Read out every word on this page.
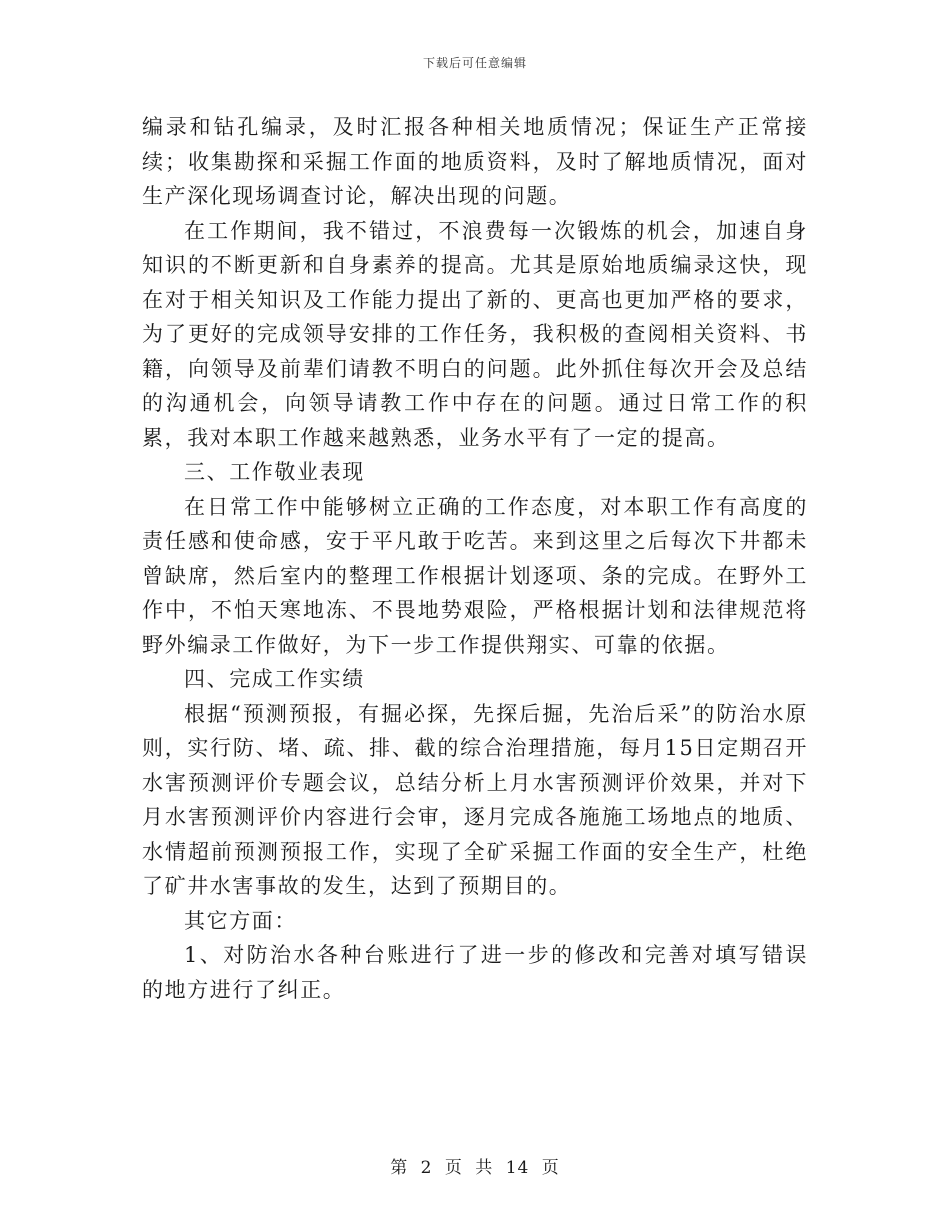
下载后可任意编辑

编录和钻孔编录，及时汇报各种相关地质情况；保证生产正常接续；收集勘探和采掘工作面的地质资料，及时了解地质情况，面对生产深化现场调查讨论，解决出现的问题。

在工作期间，我不错过，不浪费每一次锻炼的机会，加速自身知识的不断更新和自身素养的提高。尤其是原始地质编录这快，现在对于相关知识及工作能力提出了新的、更高也更加严格的要求，为了更好的完成领导安排的工作任务，我积极的查阅相关资料、书籍，向领导及前辈们请教不明白的问题。此外抓住每次开会及总结的沟通机会，向领导请教工作中存在的问题。通过日常工作的积累，我对本职工作越来越熟悉，业务水平有了一定的提高。

三、工作敬业表现

在日常工作中能够树立正确的工作态度，对本职工作有高度的责任感和使命感，安于平凡敢于吃苦。来到这里之后每次下井都未曾缺席，然后室内的整理工作根据计划逐项、条的完成。在野外工作中，不怕天寒地冻、不畏地势艰险，严格根据计划和法律规范将野外编录工作做好，为下一步工作提供翔实、可靠的依据。

四、完成工作实绩

根据“预测预报，有掘必探，先探后掘，先治后采”的防治水原则，实行防、堵、疏、排、截的综合治理措施，每月15日定期召开水害预测评价专题会议，总结分析上月水害预测评价效果，并对下月水害预测评价内容进行会审，逐月完成各施施工场地点的地质、水情超前预测预报工作，实现了全矿采掘工作面的安全生产，杜绝了矿井水害事故的发生，达到了预期目的。

其它方面：

1、对防治水各种台账进行了进一步的修改和完善对填写错误的地方进行了纠正。

第 2 页 共 14 页
